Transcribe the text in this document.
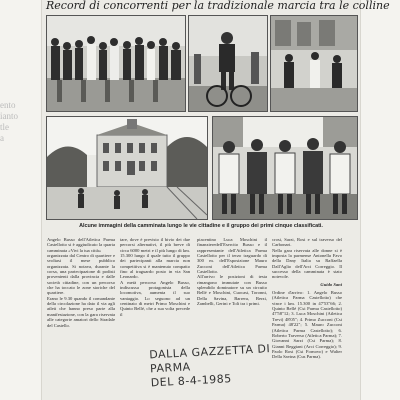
ento
ianto
tle
a
Record di concorrenti per la tradizionale marcia tra le colline
Alcune immagini della camminata lungo le vie cittadine e il gruppo dei primi cinque classificati.

Angelo Busso dell'Atletica Parma Castellotto si è aggiudicato la quarta camminata «Vivi la tua città»

organizzata dal Centro di quartiere e svoltasi il mese pubblico organizzata. Si notava, durante la corsa, una partecipazione di podisti provenienti dalla provincia e dalle società cittadine, con un percorso che ha toccato le zone storiche del quartiere.

Erano le 9.30 quando il comandante della circolazione ha dato il via agli atleti che hanno preso parte alla manifestazione, con la gara riservata alle categorie amatori dello Stradale del Castello.

tare, dove è previsto il bivio dei due percorsi alternativi, il più breve di circa 6000 metri e il più lungo di km. 15.300 lungo il quale tutto il gruppo dei partecipanti alla marcia non competitiva si è mantenuto compatto fino al traguardo posto in via San Leonardo.

A metà percorso Angelo Busso, indiscussa protagonista della locomotiva, aumenta il suo vantaggio. Lo seguono ad un centinaio di metri Primo Moschini e Quinto Bellé, che a sua volta precede il

piacentino Luca Moschini il finanzieredell'Esercito Busso e il rappresentante dell'Atletica Parma Castellotto per il terzo traguardo di 300 m. dell'Esposizione Mauro Zucconi dell'Atletica Parma Castellotto.

All'arrivo le posizioni di testa rimangono immutate con Busso splendido dominatore su un circuito Bellé e Moschini, Cuocasi, Toronni, Della Savina, Barrera, Berzi, Zambelli, Gerini e Toli tra i primi.

crosi, Sarzi, Rosi e sul traverso del Carbonari.

Nella gara riservata alle donne si è imposta la parmense Antonella Favo della Dany Italia su Raffaella Dall'Aglio dell'Arci Correggio. Il successo della camminata è stato notevole.

Guido Sani

Ordine d'arrivo: 1. Angelo Busso (Atletica Parma Castellotto) che vince i km. 15.300 in 47'53"66; 2. Quinto Bellé (Csi Parma Castellotto) 47'58"12; 3. Luca Moschini (Atletica Trevi) 48'05"; 4. Primo Zucconi (Csi Parma) 48'22"; 5. Mauro Zucconi (Atletica Parma Castellotto); 6. Roberto Traverso (Atletica Parma); 7. Giovanni Sarzi (Csi Parma); 8. Gianni Reggiani (Arci Correggio); 9. Paolo Rosi (Csi Fornovo) e Walter Della Savina (Cus Parma).

DALLA GAZZETTA DI PARMA
DEL 8-4-1985
